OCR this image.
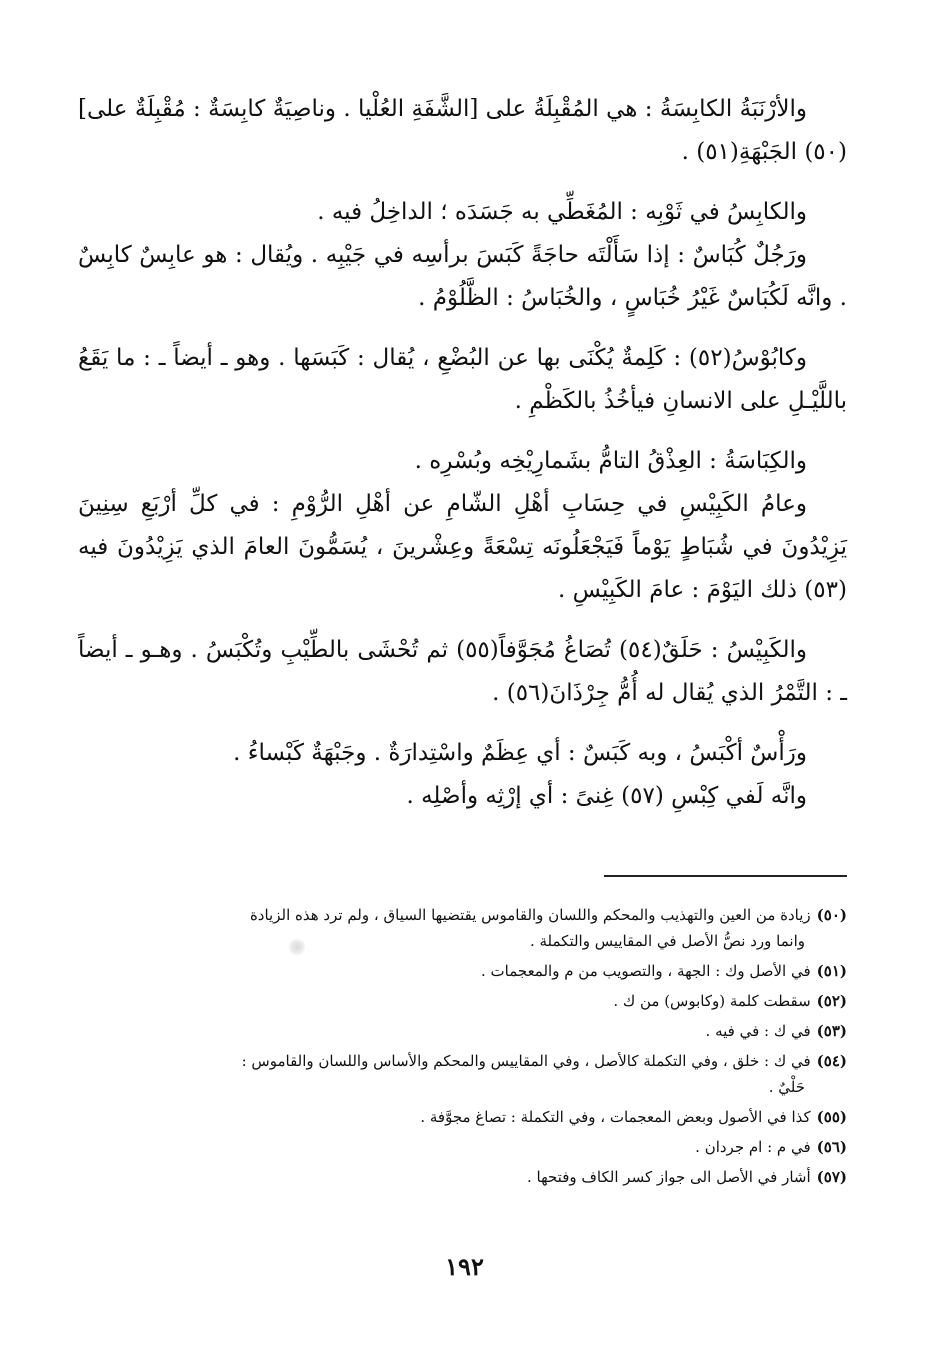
والأرْنَبَةُ الكابِسَةُ : هي المُقْبِلَةُ على [الشَّفَةِ العُلْيا . وناصِيَةٌ كابِسَةٌ : مُقْبِلَةٌ على](٥٠) الجَبْهَةِ(٥١) .

والكابِسُ في ثَوْبِه : المُغَطِّي به جَسَدَه ؛ الداخِلُ فيه .

ورَجُلٌ كُبَاسٌ : إذا سَأَلْتَه حاجَةً كَبَسَ برأسِه في جَيْبِه . ويُقال : هو عابِسٌ كابِسٌ . وانَّه لَكُبَاسٌ غَيْرُ خُبَاسٍ ، والخُبَاسُ : الظَّلُوْمُ .

وكابُوْسُ(٥٢) : كَلِمةٌ يُكْنَى بها عن البُضْعِ ، يُقال : كَبَسَها . وهو ـ أيضاً ـ : ما يَقَعُ باللَّيْـلِ على الانسانِ فيأخُذُ بالكَظْمِ .

والكِبَاسَةُ : العِذْقُ التامُّ بشَمارِيْخِه وبُسْرِه .

وعامُ الكَبِيْسِ في حِسَابِ أهْلِ الشّامِ عن أهْلِ الرُّوْمِ : في كلِّ أرْبَعِ سِنِينَ يَزِيْدُونَ في شُبَاطٍ يَوْماً فَيَجْعَلُونَه تِسْعَةً وعِشْرينَ ، يُسَمُّونَ العامَ الذي يَزِيْدُونَ فيه (٥٣) ذلك اليَوْمَ : عامَ الكَبِيْسِ .

والكَبِيْسُ : حَلَقٌ(٥٤) تُصَاغُ مُجَوَّفاً(٥٥) ثم تُحْشَى بالطِّيْبِ وتُكْبَسُ . وهـو ـ أيضاً ـ : التَّمْرُ الذي يُقال له أُمُّ جِرْذَانَ(٥٦) .

ورَأْسٌ أكْبَسُ ، وبه كَبَسٌ : أي عِظَمٌ واسْتِدارَةٌ . وجَبْهَةٌ كَبْساءُ .

وانَّه لَفي كِبْسِ (٥٧) غِنىً : أي إرْثِه وأصْلِه .

(٥٠)زيادة من العين والتهذيب والمحكم واللسان والقاموس يقتضيها السياق ، ولم ترد هذه الزيادة
وانما ورد نصُّ الأصل في المقاييس والتكملة .

(٥١)في الأصل وك : الجهة ، والتصويب من م والمعجمات .

(٥٢)سقطت كلمة (وكابوس) من ك .

(٥٣)في ك : في فيه .

(٥٤)في ك : خلق ، وفي التكملة كالأصل ، وفي المقاييس والمحكم والأساس واللسان والقاموس :
حَلْيٌ .

(٥٥)كذا في الأصول وبعض المعجمات ، وفي التكملة : تصاغ مجوَّفة .

(٥٦)في م : ام جردان .

(٥٧)أشار في الأصل الى جواز كسر الكاف وفتحها .

١٩٢
